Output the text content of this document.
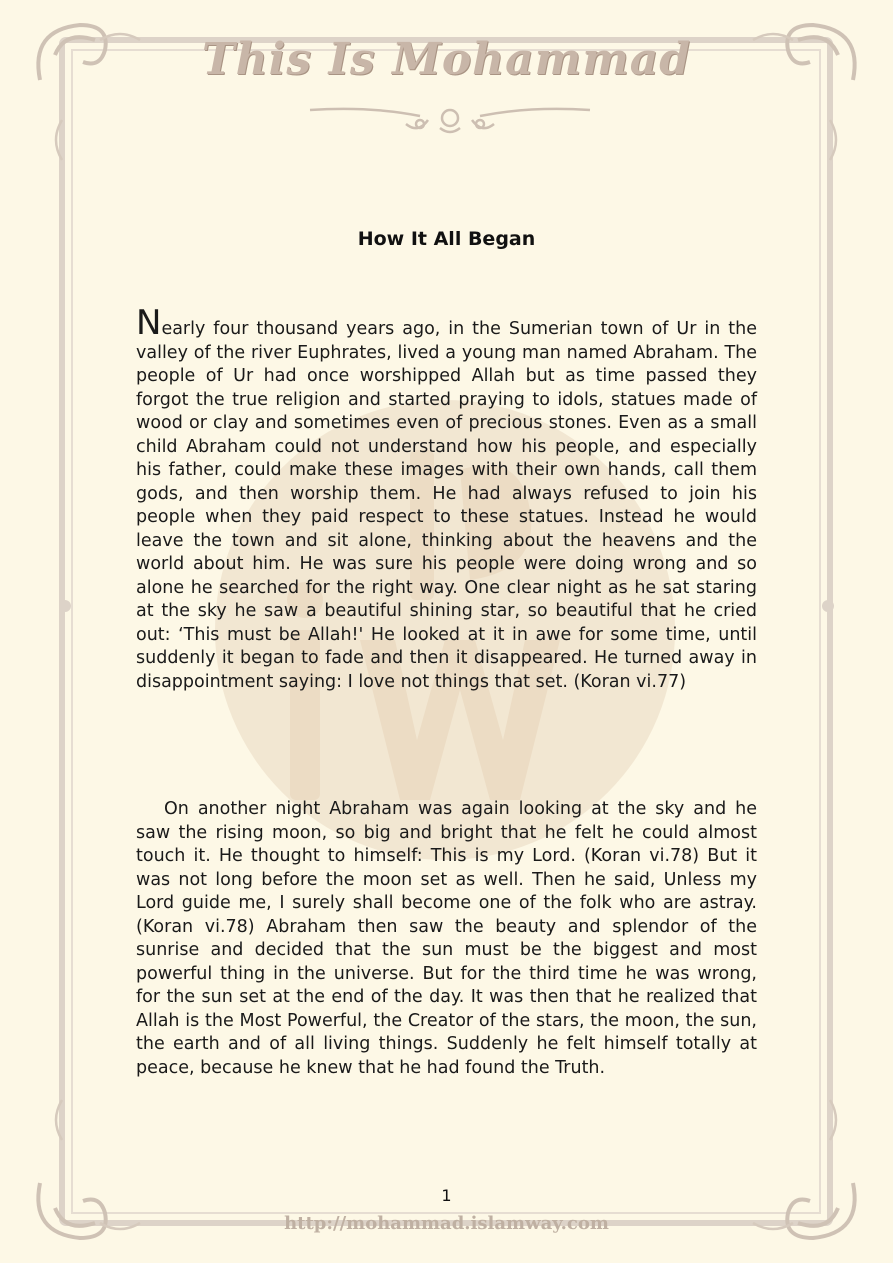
This Is Mohammad
How It All Began

Nearly four thousand years ago, in the Sumerian town of Ur in the valley of the river Euphrates, lived a young man named Abraham. The people of Ur had once worshipped Allah but as time passed they forgot the true religion and started praying to idols, statues made of wood or clay and sometimes even of precious stones. Even as a small child Abraham could not understand how his people, and especially his father, could make these images with their own hands, call them gods, and then worship them. He had always refused to join his people when they paid respect to these statues. Instead he would leave the town and sit alone, thinking about the heavens and the world about him. He was sure his people were doing wrong and so alone he searched for the right way. One clear night as he sat staring at the sky he saw a beautiful shining star, so beautiful that he cried out: ‘This must be Allah!' He looked at it in awe for some time, until suddenly it began to fade and then it disappeared. He turned away in disappointment saying: I love not things that set. (Koran vi.77)

On another night Abraham was again looking at the sky and he saw the rising moon, so big and bright that he felt he could almost touch it. He thought to himself: This is my Lord. (Koran vi.78) But it was not long before the moon set as well. Then he said, Unless my Lord guide me, I surely shall become one of the folk who are astray. (Koran vi.78) Abraham then saw the beauty and splendor of the sunrise and decided that the sun must be the biggest and most powerful thing in the universe. But for the third time he was wrong, for the sun set at the end of the day. It was then that he realized that Allah is the Most Powerful, the Creator of the stars, the moon, the sun, the earth and of all living things. Suddenly he felt himself totally at peace, because he knew that he had found the Truth.

1
http://mohammad.islamway.com
